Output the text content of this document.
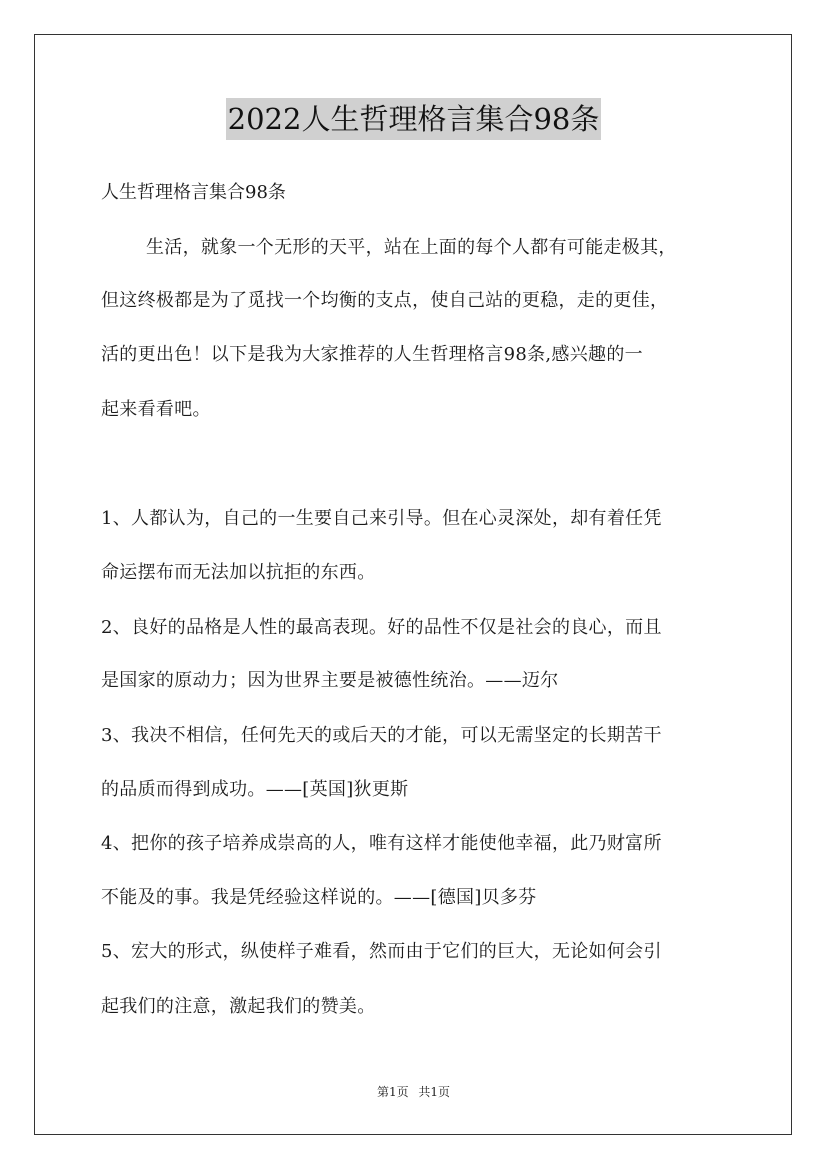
2022人生哲理格言集合98条
人生哲理格言集合98条
生活，就象一个无形的天平，站在上面的每个人都有可能走极其，
但这终极都是为了觅找一个均衡的支点，使自己站的更稳，走的更佳，
活的更出色！以下是我为大家推荐的人生哲理格言98条,感兴趣的一
起来看看吧。
1、人都认为，自己的一生要自己来引导。但在心灵深处，却有着任凭
命运摆布而无法加以抗拒的东西。
2、良好的品格是人性的最高表现。好的品性不仅是社会的良心，而且
是国家的原动力；因为世界主要是被德性统治。——迈尔
3、我决不相信，任何先天的或后天的才能，可以无需坚定的长期苦干
的品质而得到成功。——[英国]狄更斯
4、把你的孩子培养成崇高的人，唯有这样才能使他幸福，此乃财富所
不能及的事。我是凭经验这样说的。——[德国]贝多芬
5、宏大的形式，纵使样子难看，然而由于它们的巨大，无论如何会引
起我们的注意，激起我们的赞美。
第1页 共1页
